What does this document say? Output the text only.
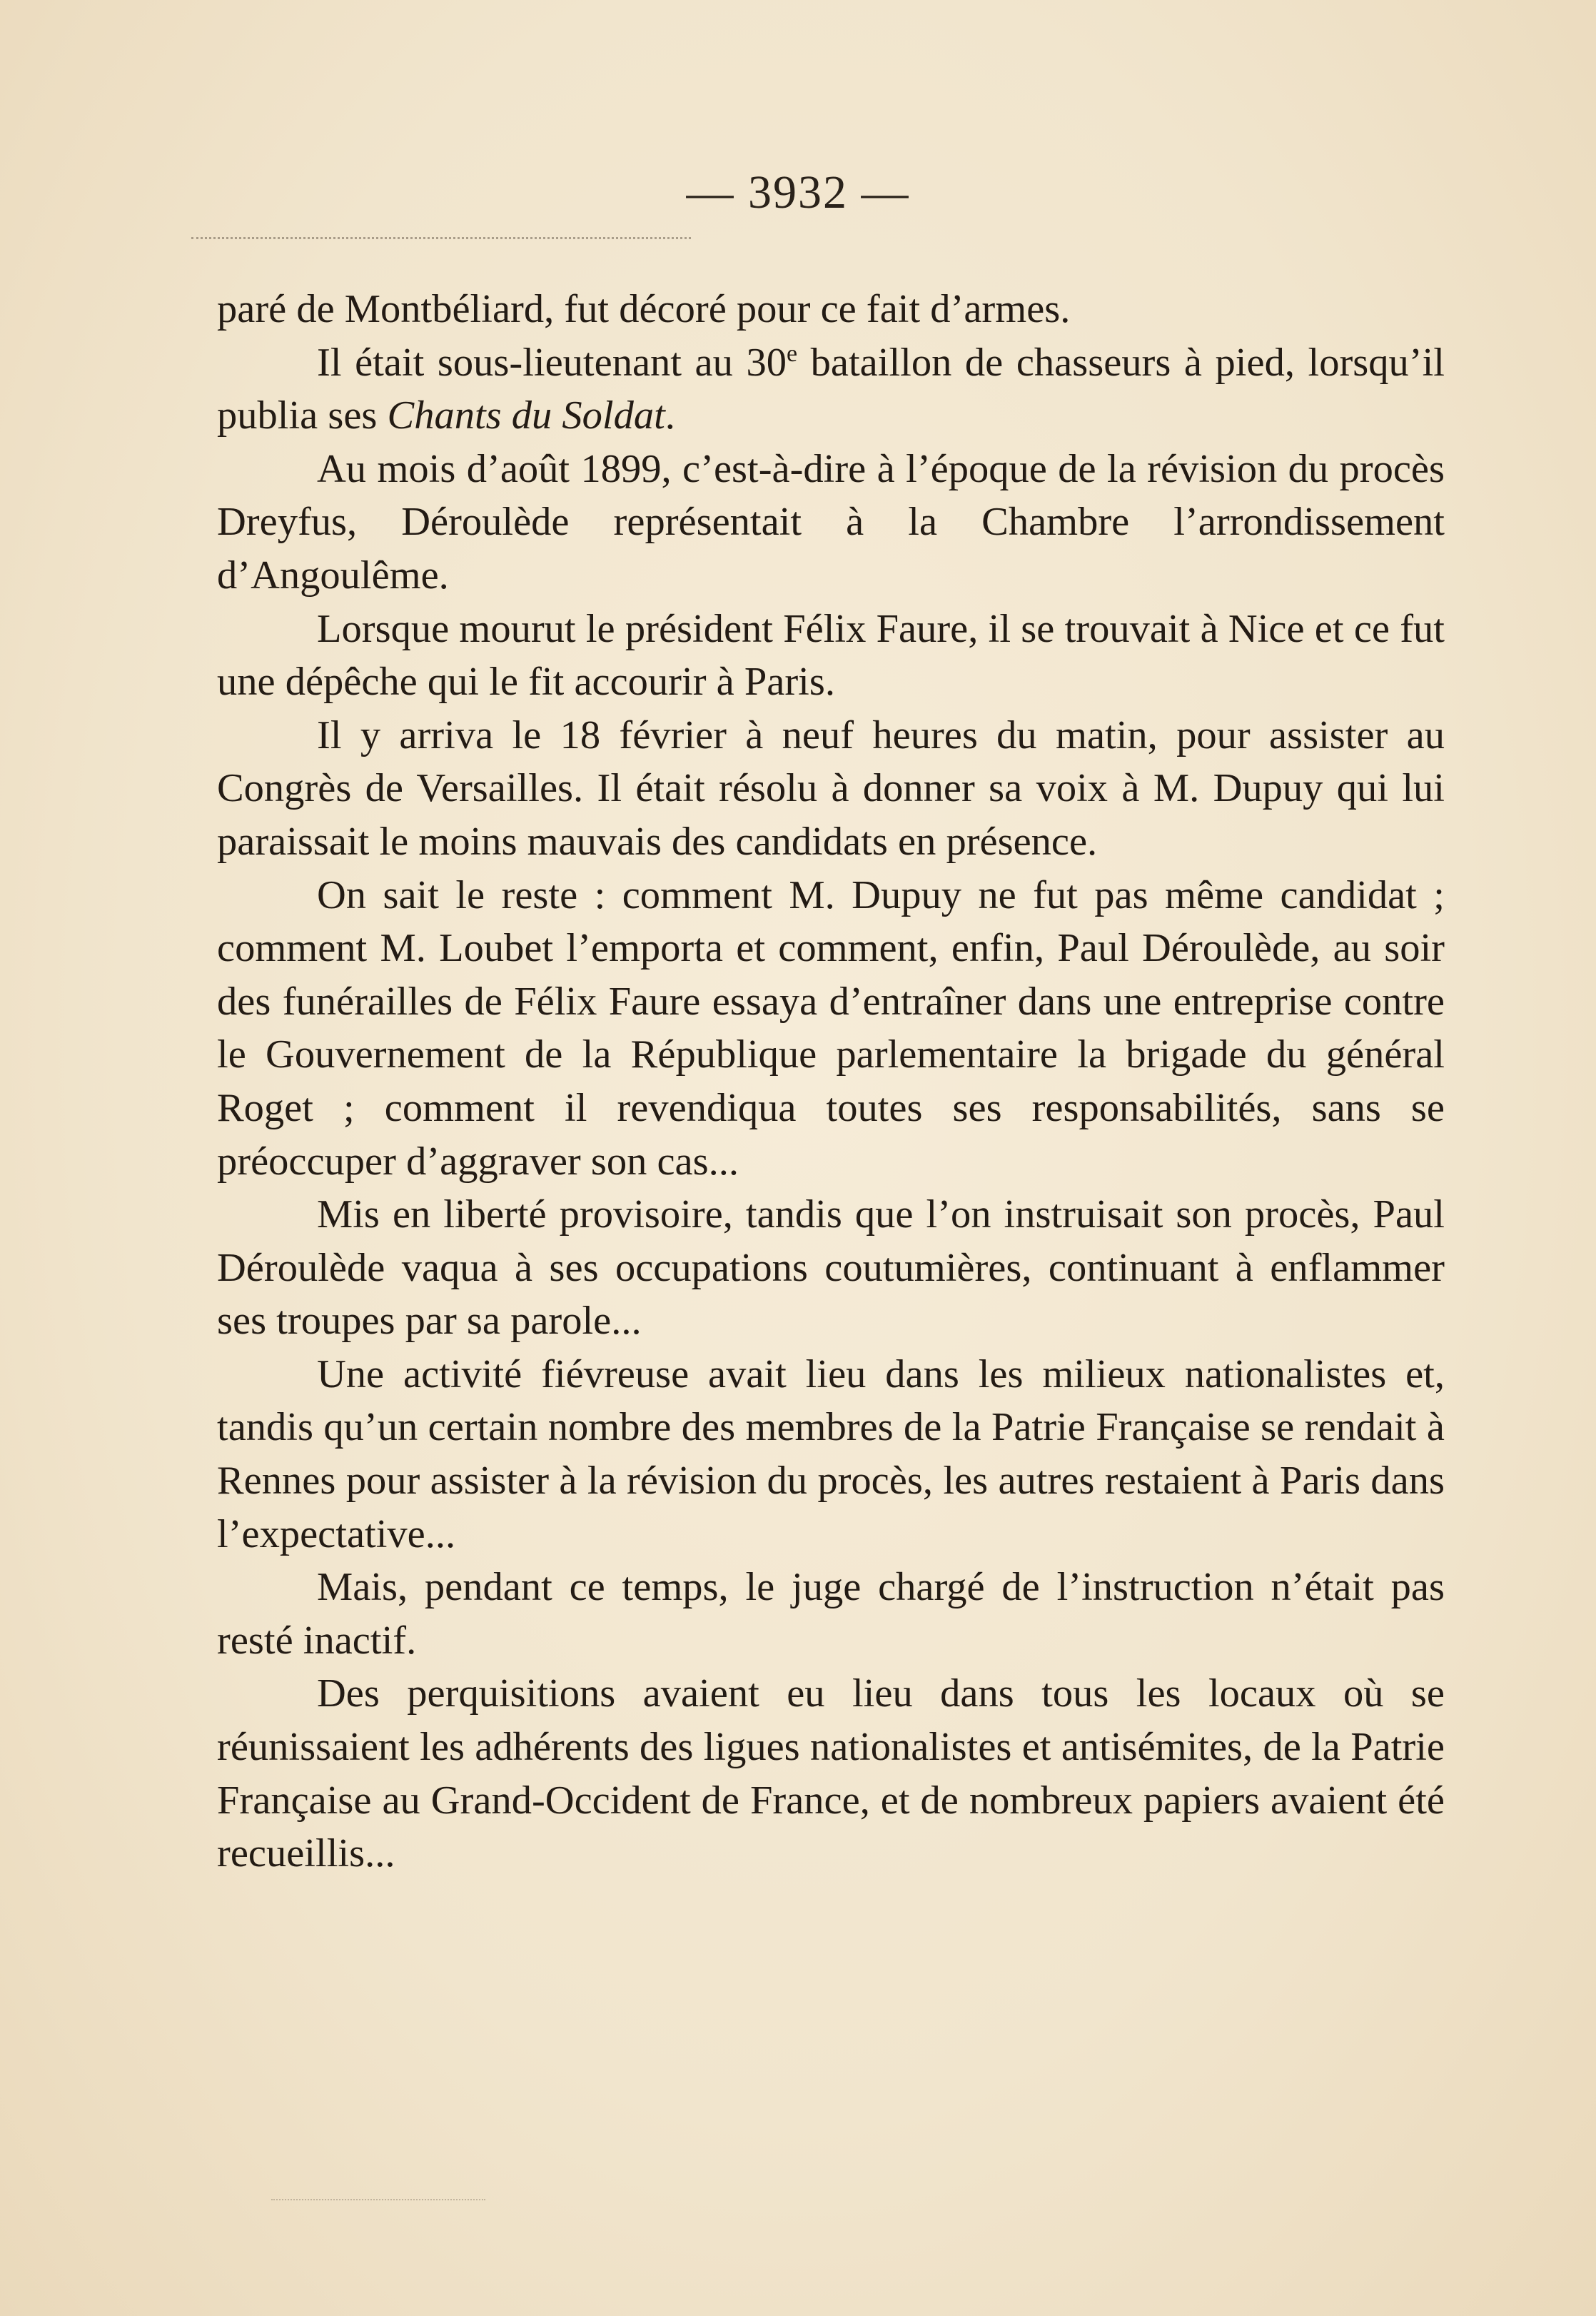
— 3932 —

paré de Montbéliard, fut décoré pour ce fait d’armes.

Il était sous-lieutenant au 30e bataillon de chasseurs à pied, lorsqu’il publia ses Chants du Soldat.

Au mois d’août 1899, c’est-à-dire à l’époque de la révision du procès Dreyfus, Déroulède représentait à la Chambre l’arrondissement d’Angoulême.

Lorsque mourut le président Félix Faure, il se trouvait à Nice et ce fut une dépêche qui le fit accourir à Paris.

Il y arriva le 18 février à neuf heures du matin, pour assister au Congrès de Versailles. Il était résolu à donner sa voix à M. Dupuy qui lui paraissait le moins mauvais des candidats en présence.

On sait le reste : comment M. Dupuy ne fut pas même candidat ; comment M. Loubet l’emporta et comment, enfin, Paul Déroulède, au soir des funérailles de Félix Faure essaya d’entraîner dans une entreprise contre le Gouvernement de la République parlementaire la brigade du général Roget ; comment il revendiqua toutes ses responsabilités, sans se préoccuper d’aggraver son cas...

Mis en liberté provisoire, tandis que l’on instruisait son procès, Paul Déroulède vaqua à ses occupations coutumières, continuant à enflammer ses troupes par sa parole...

Une activité fiévreuse avait lieu dans les milieux nationalistes et, tandis qu’un certain nombre des membres de la Patrie Française se rendait à Rennes pour assister à la révision du procès, les autres restaient à Paris dans l’expectative...

Mais, pendant ce temps, le juge chargé de l’instruction n’était pas resté inactif.

Des perquisitions avaient eu lieu dans tous les locaux où se réunissaient les adhérents des ligues nationalistes et antisémites, de la Patrie Française au Grand-Occident de France, et de nombreux papiers avaient été recueillis...
